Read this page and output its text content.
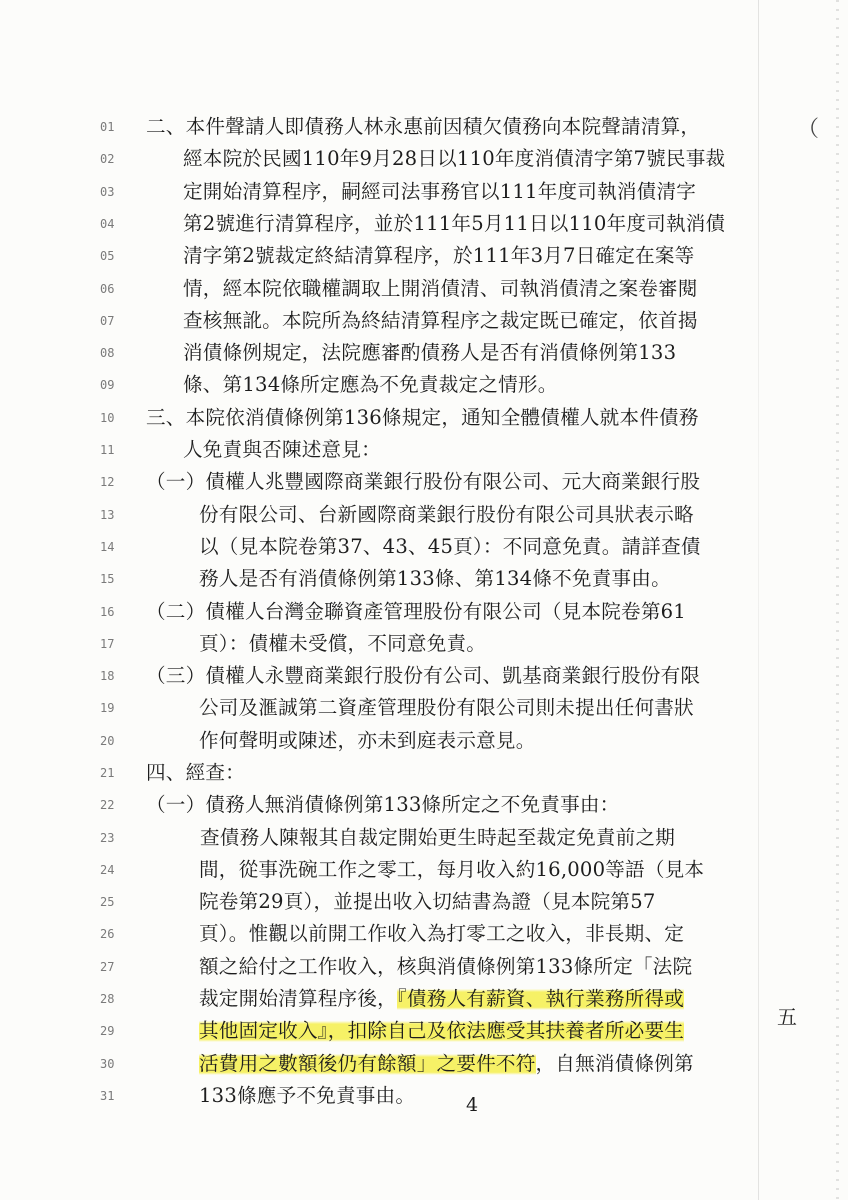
01	二、本件聲請人即債務人林永惠前因積欠債務向本院聲請清算，
02	經本院於民國110年9月28日以110年度消債清字第7號民事裁
03	定開始清算程序，嗣經司法事務官以111年度司執消債清字
04	第2號進行清算程序，並於111年5月11日以110年度司執消債
05	清字第2號裁定終結清算程序，於111年3月7日確定在案等
06	情，經本院依職權調取上開消債清、司執消債清之案卷審閱
07	查核無訛。本院所為終結清算程序之裁定既已確定，依首揭
08	消債條例規定，法院應審酌債務人是否有消債條例第133
09	條、第134條所定應為不免責裁定之情形。
10	三、本院依消債條例第136條規定，通知全體債權人就本件債務
11	人免責與否陳述意見：
12	（一）債權人兆豐國際商業銀行股份有限公司、元大商業銀行股
13	份有限公司、台新國際商業銀行股份有限公司具狀表示略
14	以（見本院卷第37、43、45頁）：不同意免責。請詳查債
15	務人是否有消債條例第133條、第134條不免責事由。
16	（二）債權人台灣金聯資產管理股份有限公司（見本院卷第61
17	頁）：債權未受償，不同意免責。
18	（三）債權人永豐商業銀行股份有公司、凱基商業銀行股份有限
19	公司及滙誠第二資產管理股份有限公司則未提出任何書狀
20	作何聲明或陳述，亦未到庭表示意見。
21	四、經查：
22	（一）債務人無消債條例第133條所定之不免責事由：
23	查債務人陳報其自裁定開始更生時起至裁定免責前之期
24	間，從事洗碗工作之零工，每月收入約16,000等語（見本
25	院卷第29頁），並提出收入切結書為證（見本院第57
26	頁）。惟觀以前開工作收入為打零工之收入，非長期、定
27	額之給付之工作收入，核與消債條例第133條所定「法院
28	裁定開始清算程序後，『債務人有薪資、執行業務所得或
29	其他固定收入』，扣除自己及依法應受其扶養者所必要生
30	活費用之數額後仍有餘額」之要件不符，自無消債條例第
31	133條應予不免責事由。	4
五
（
